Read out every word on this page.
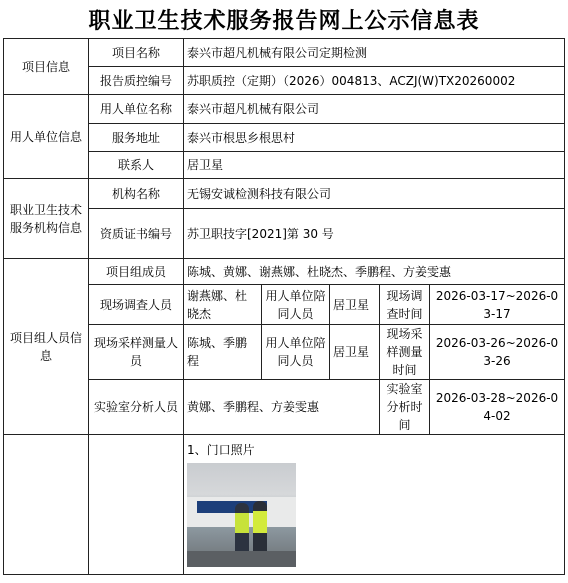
职业卫生技术服务报告网上公示信息表
项目信息	项目名称	泰兴市超凡机械有限公司定期检测				
	报告质控编号	苏职质控（定期）（2026）004813、ACZJ(W)TX20260002				
用人单位信息	用人单位名称	泰兴市超凡机械有限公司				
	服务地址	泰兴市根思乡根思村				
	联系人	居卫星				
职业卫生技术服务机构信息	机构名称	无锡安诚检测科技有限公司				
	资质证书编号	苏卫职技字[2021]第 30 号				
项目组人员信息	项目组成员	陈城、黄娜、谢燕娜、杜晓杰、季鹏程、方姜雯惠				
	现场调查人员	谢燕娜、杜晓杰	用人单位陪同人员	居卫星	现场调查时间	2026-03-17~2026-03-17
	现场采样测量人员	陈城、季鹏程	用人单位陪同人员	居卫星	现场采样测量时间	2026-03-26~2026-03-26
	实验室分析人员	黄娜、季鹏程、方姜雯惠			实验室分析时间	2026-03-28~2026-04-02

		1、门口照片				
